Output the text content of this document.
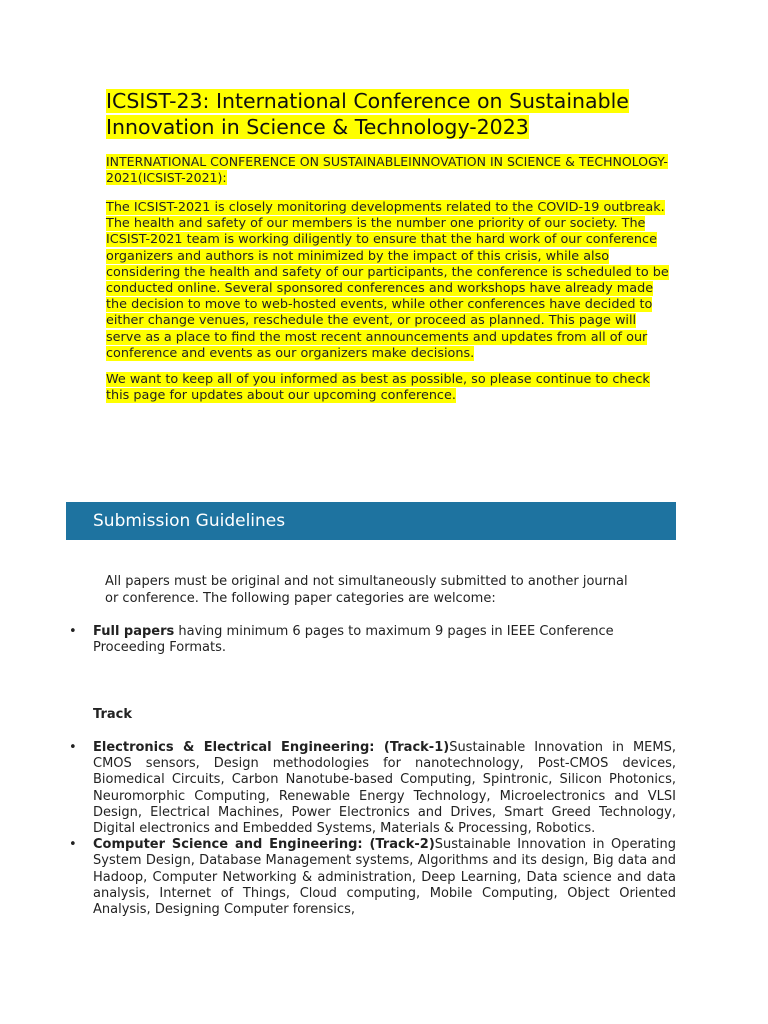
ICSIST-23: International Conference on Sustainable Innovation in Science & Technology-2023

INTERNATIONAL CONFERENCE ON SUSTAINABLEINNOVATION IN SCIENCE & TECHNOLOGY-2021(ICSIST-2021):

The ICSIST-2021 is closely monitoring developments related to the COVID-19 outbreak. The health and safety of our members is the number one priority of our society. The ICSIST-2021 team is working diligently to ensure that the hard work of our conference organizers and authors is not minimized by the impact of this crisis, while also considering the health and safety of our participants, the conference is scheduled to be conducted online. Several sponsored conferences and workshops have already made the decision to move to web-hosted events, while other conferences have decided to either change venues, reschedule the event, or proceed as planned. This page will serve as a place to find the most recent announcements and updates from all of our conference and events as our organizers make decisions.

We want to keep all of you informed as best as possible, so please continue to check this page for updates about our upcoming conference.

Submission Guidelines
All papers must be original and not simultaneously submitted to another journal or conference. The following paper categories are welcome:
• Full papers having minimum 6 pages to maximum 9 pages in IEEE Conference Proceeding Formats.
Track
• Electronics & Electrical Engineering: (Track-1)Sustainable Innovation in MEMS, CMOS sensors, Design methodologies for nanotechnology, Post-CMOS devices, Biomedical Circuits, Carbon Nanotube-based Computing, Spintronic, Silicon Photonics, Neuromorphic Computing, Renewable Energy Technology, Microelectronics and VLSI Design, Electrical Machines, Power Electronics and Drives, Smart Greed Technology, Digital electronics and Embedded Systems, Materials & Processing, Robotics.
• Computer Science and Engineering: (Track-2)Sustainable Innovation in Operating System Design, Database Management systems, Algorithms and its design, Big data and Hadoop, Computer Networking & administration, Deep Learning, Data science and data analysis, Internet of Things, Cloud computing, Mobile Computing, Object Oriented Analysis, Designing Computer forensics,
